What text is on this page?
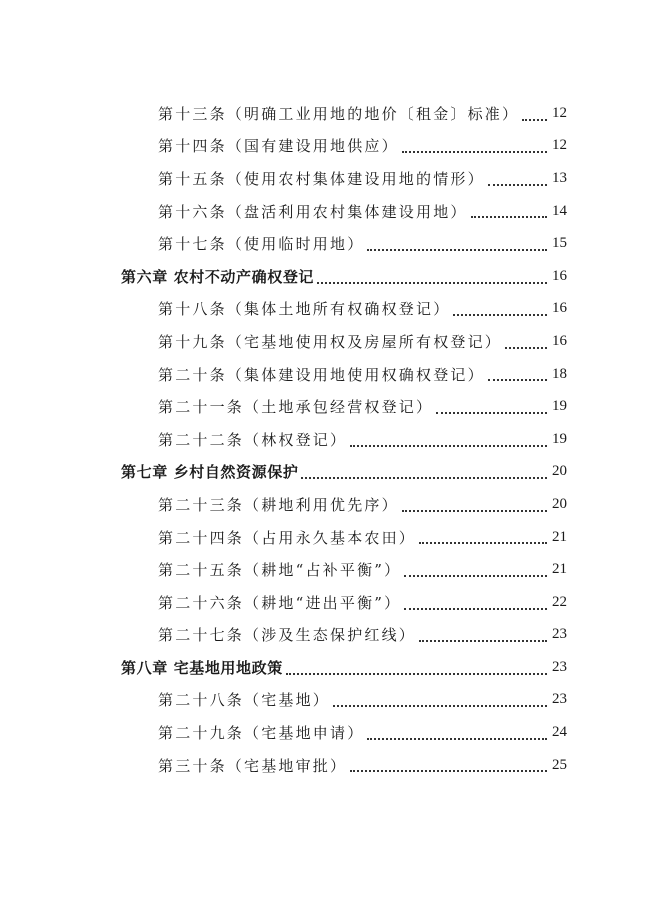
第十三条（明确工业用地的地价〔租金〕标准） 12
第十四条（国有建设用地供应）	12
第十五条（使用农村集体建设用地的情形）	13
第十六条（盘活利用农村集体建设用地）	14
第十七条（使用临时用地）	15
第六章 农村不动产确权登记	16
第十八条（集体土地所有权确权登记）	16
第十九条（宅基地使用权及房屋所有权登记）	16
第二十条（集体建设用地使用权确权登记）	18
第二十一条（土地承包经营权登记）	19
第二十二条（林权登记）	19
第七章 乡村自然资源保护	20
第二十三条（耕地利用优先序）	20
第二十四条（占用永久基本农田）	21
第二十五条（耕地“占补平衡”）	21
第二十六条（耕地“进出平衡”）	22
第二十七条（涉及生态保护红线）	23
第八章 宅基地用地政策	23
第二十八条（宅基地）	23
第二十九条（宅基地申请）	24
第三十条（宅基地审批）	25
